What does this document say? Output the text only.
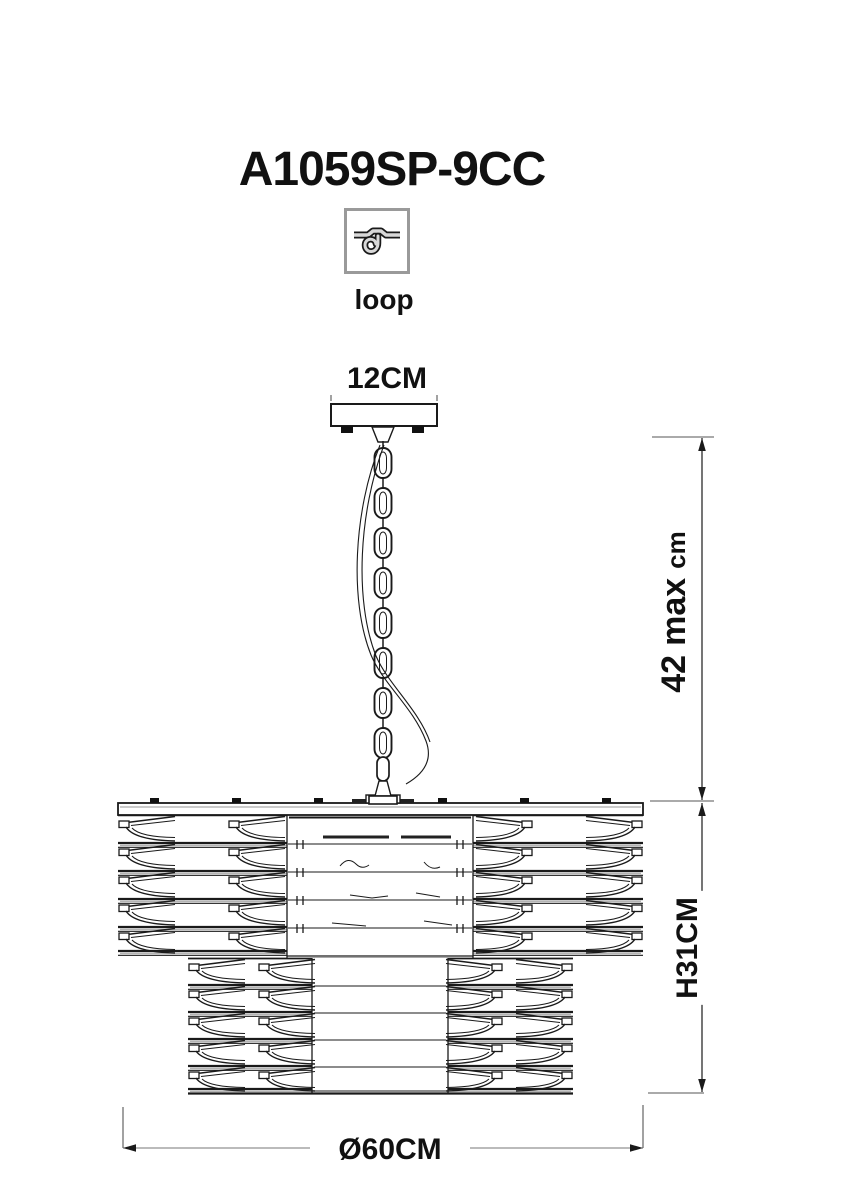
A1059SP-9CC
loop
12CM
42maxcm
H31CM
Ø60CM
